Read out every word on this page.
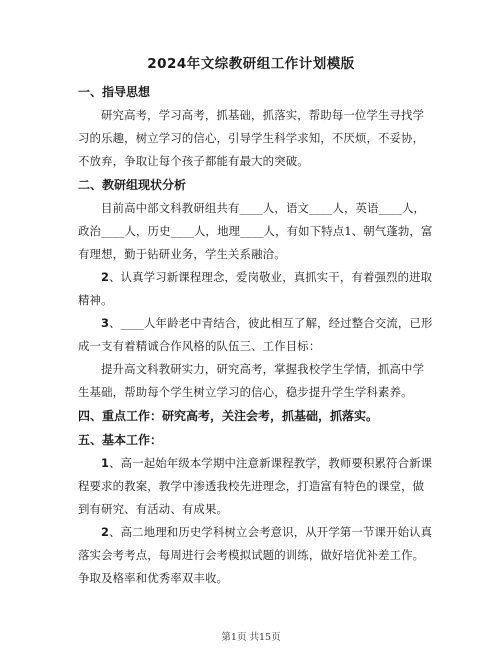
2024年文综教研组工作计划模版
一、指导思想
研究高考，学习高考，抓基础，抓落实，帮助每一位学生寻找学
习的乐趣，树立学习的信心，引导学生科学求知，不厌烦，不妥协，
不放弃，争取让每个孩子都能有最大的突破。
二、教研组现状分析
目前高中部文科教研组共有____人，语文____人，英语____人，
政治____人，历史____人，地理____人，有如下特点1、朝气蓬勃，富
有理想，勤于钻研业务，学生关系融洽。
2、认真学习新课程理念，爱岗敬业，真抓实干，有着强烈的进取
精神。
3、____人年龄老中青结合，彼此相互了解，经过整合交流，已形
成一支有着精诚合作风格的队伍三、工作目标：
提升高文科教研实力，研究高考，掌握我校学生学情，抓高中学
生基础，帮助每个学生树立学习的信心，稳步提升学生学科素养。
四、重点工作：研究高考，关注会考，抓基础，抓落实。
五、基本工作：
1、高一起始年级本学期中注意新课程教学，教师要积累符合新课
程要求的教案，教学中渗透我校先进理念，打造富有特色的课堂，做
到有研究、有活动、有成果。
2、高二地理和历史学科树立会考意识，从开学第一节课开始认真
落实会考考点，每周进行会考模拟试题的训练，做好培优补差工作。
争取及格率和优秀率双丰收。
第1页 共15页
